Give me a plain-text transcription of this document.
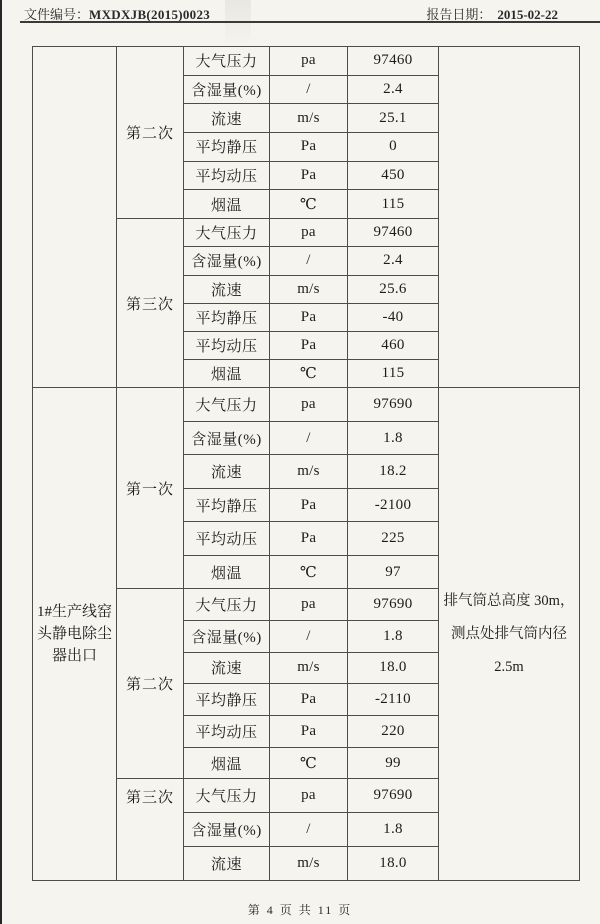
文件编号：MXDXJB(2015)0023	报告日期： 2015-02-22
	第二次	大气压力	pa	97460	
		含湿量(%)	/	2.4	
		流速	m/s	25.1	
		平均静压	Pa	0	
		平均动压	Pa	450	
		烟温	℃	115	
	第三次	大气压力	pa	97460	
		含湿量(%)	/	2.4	
		流速	m/s	25.6	
		平均静压	Pa	-40	
		平均动压	Pa	460	
		烟温	℃	115	
1#生产线窑头静电除尘器出口	第一次	大气压力	pa	97690	排气筒总高度 30m，测点处排气筒内径 2.5m
		含湿量(%)	/	1.8	
		流速	m/s	18.2	
		平均静压	Pa	-2100	
		平均动压	Pa	225	
		烟温	℃	97	
	第二次	大气压力	pa	97690	
		含湿量(%)	/	1.8	
		流速	m/s	18.0	
		平均静压	Pa	-2110	
		平均动压	Pa	220	
		烟温	℃	99	
	第三次	大气压力	pa	97690	
		含湿量(%)	/	1.8	
		流速	m/s	18.0	
第 4 页 共 11 页
